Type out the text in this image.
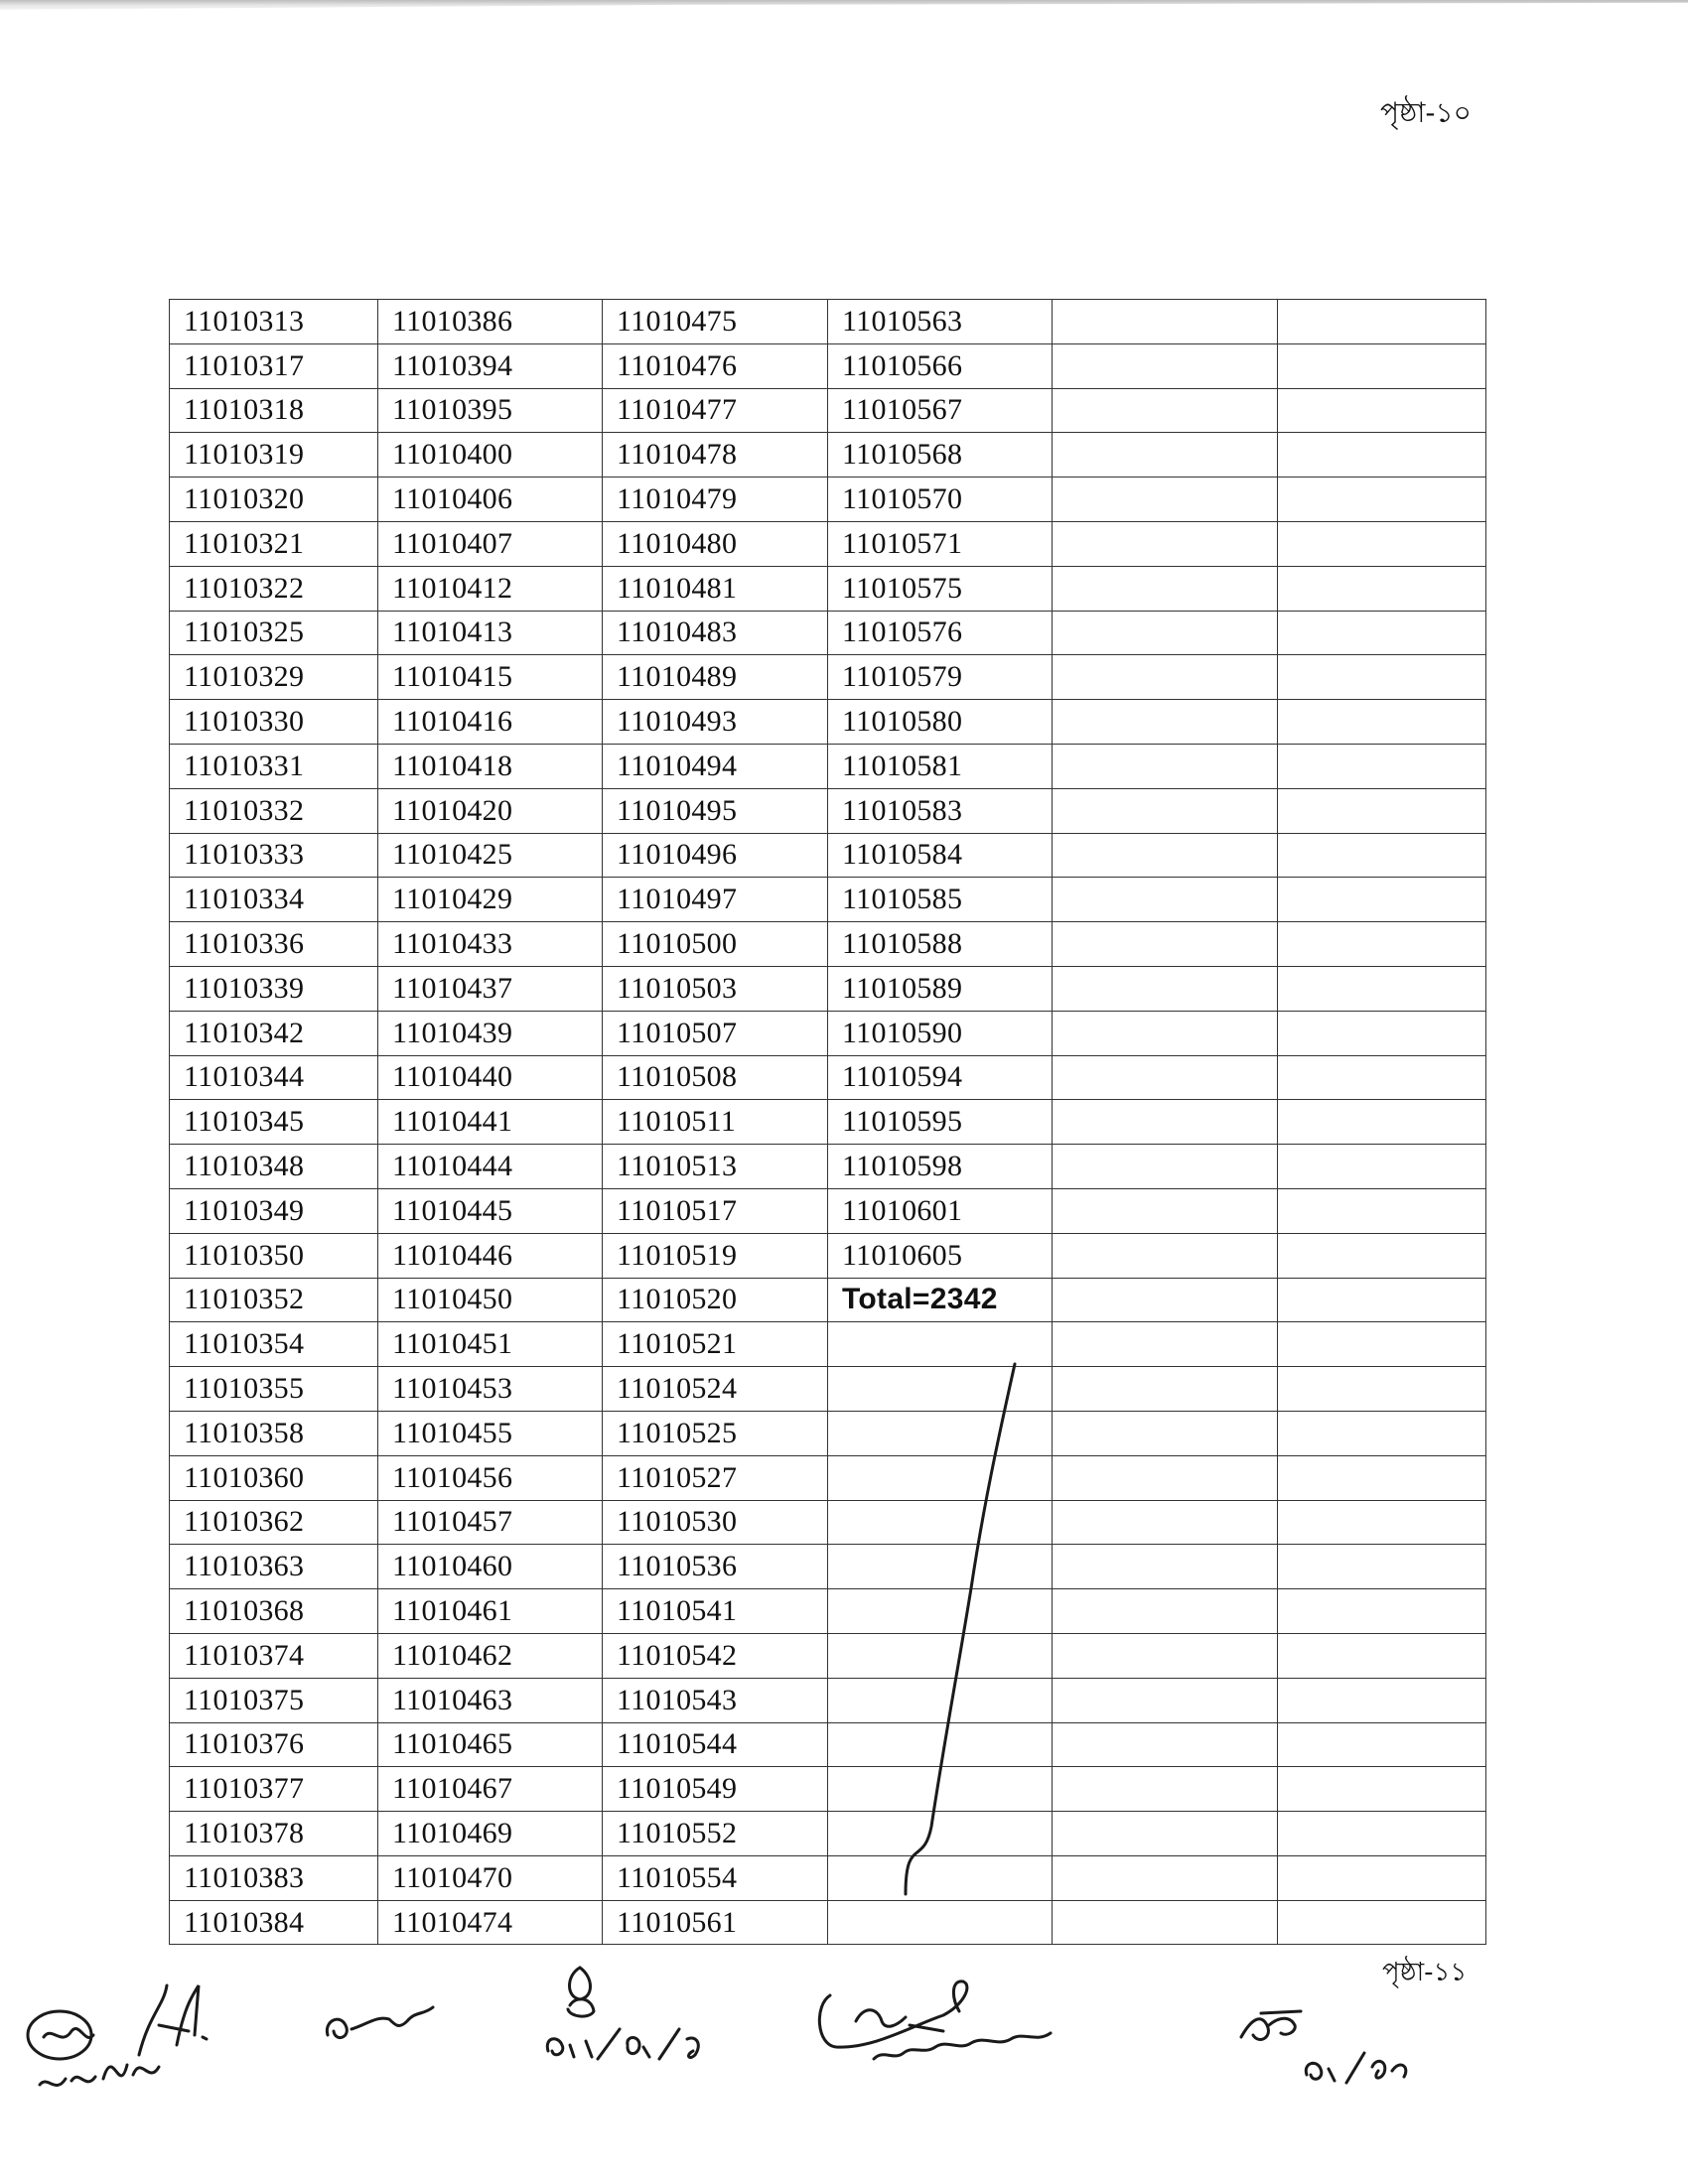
পৃষ্ঠা-১০
11010313	11010386	11010475	11010563		
11010317	11010394	11010476	11010566		
11010318	11010395	11010477	11010567		
11010319	11010400	11010478	11010568		
11010320	11010406	11010479	11010570		
11010321	11010407	11010480	11010571		
11010322	11010412	11010481	11010575		
11010325	11010413	11010483	11010576		
11010329	11010415	11010489	11010579		
11010330	11010416	11010493	11010580		
11010331	11010418	11010494	11010581		
11010332	11010420	11010495	11010583		
11010333	11010425	11010496	11010584		
11010334	11010429	11010497	11010585		
11010336	11010433	11010500	11010588		
11010339	11010437	11010503	11010589		
11010342	11010439	11010507	11010590		
11010344	11010440	11010508	11010594		
11010345	11010441	11010511	11010595		
11010348	11010444	11010513	11010598		
11010349	11010445	11010517	11010601		
11010350	11010446	11010519	11010605		
11010352	11010450	11010520	Total=2342		
11010354	11010451	11010521			
11010355	11010453	11010524			
11010358	11010455	11010525			
11010360	11010456	11010527			
11010362	11010457	11010530			
11010363	11010460	11010536			
11010368	11010461	11010541			
11010374	11010462	11010542			
11010375	11010463	11010543			
11010376	11010465	11010544			
11010377	11010467	11010549			
11010378	11010469	11010552			
11010383	11010470	11010554			
11010384	11010474	11010561			
পৃষ্ঠা-১১
